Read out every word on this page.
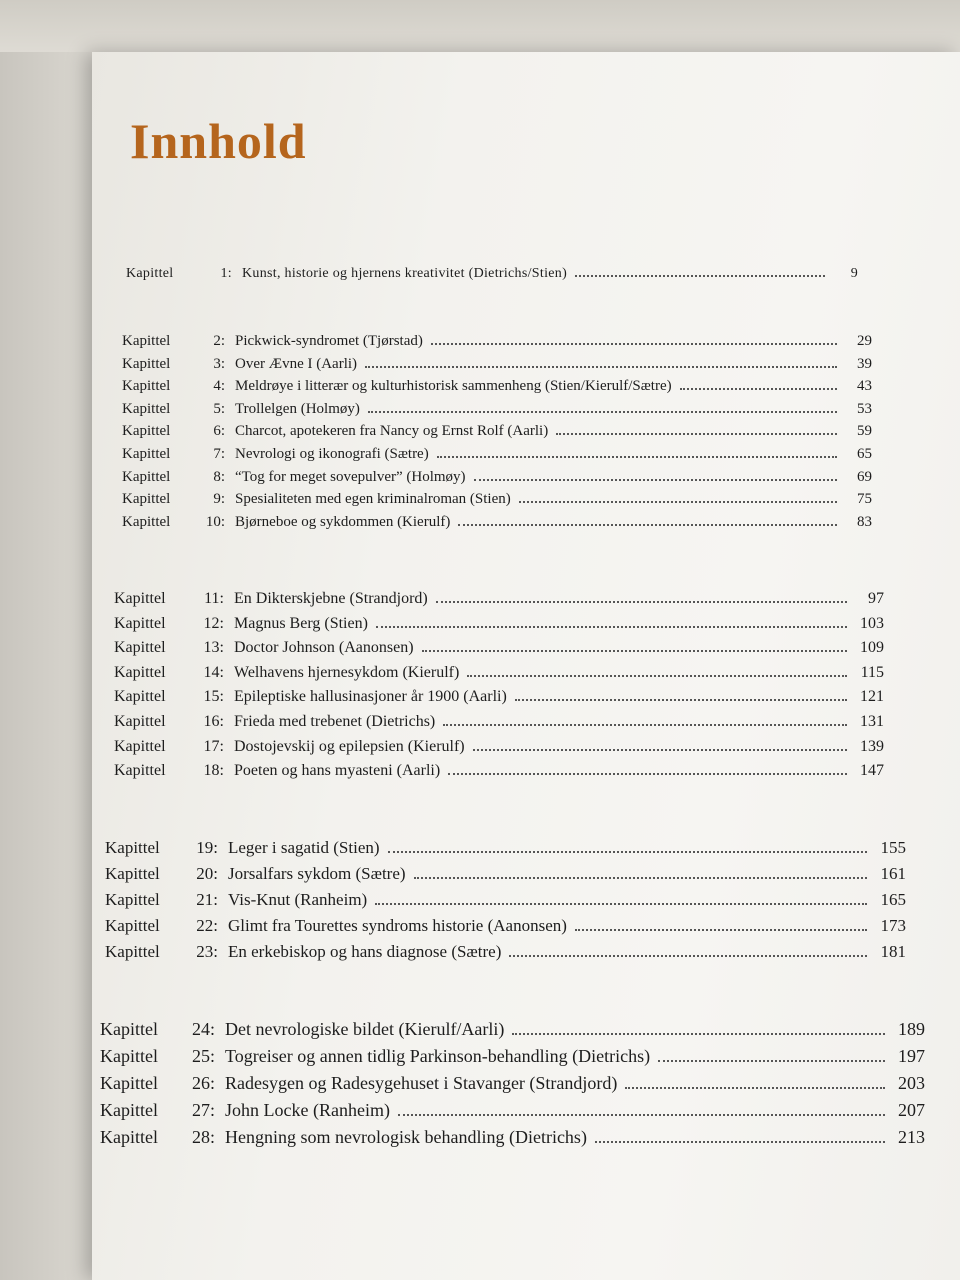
Innhold
Kapittel	1: Kunst, historie og hjernens kreativitet (Dietrichs/Stien)	9
Kapittel	2: Pickwick-syndromet (Tjørstad)	29
Kapittel	3: Over Ævne I (Aarli)	39
Kapittel	4: Meldrøye i litterær og kulturhistorisk sammenheng (Stien/Kierulf/Sætre)	43
Kapittel	5: Trollelgen (Holmøy)	53
Kapittel	6: Charcot, apotekeren fra Nancy og Ernst Rolf (Aarli)	59
Kapittel	7: Nevrologi og ikonografi (Sætre)	65
Kapittel	8: “Tog for meget sovepulver” (Holmøy)	69
Kapittel	9: Spesialiteten med egen kriminalroman (Stien)	75
Kapittel	10: Bjørneboe og sykdommen (Kierulf)	83
Kapittel	11: En Dikterskjebne (Strandjord)	97
Kapittel	12: Magnus Berg (Stien)	103
Kapittel	13: Doctor Johnson (Aanonsen)	109
Kapittel	14: Welhavens hjernesykdom (Kierulf)	115
Kapittel	15: Epileptiske hallusinasjoner år 1900 (Aarli)	121
Kapittel	16: Frieda med trebenet (Dietrichs)	131
Kapittel	17: Dostojevskij og epilepsien (Kierulf)	139
Kapittel	18: Poeten og hans myasteni (Aarli)	147
Kapittel	19: Leger i sagatid (Stien)	155
Kapittel	20: Jorsalfars sykdom (Sætre)	161
Kapittel	21: Vis-Knut (Ranheim)	165
Kapittel	22: Glimt fra Tourettes syndroms historie (Aanonsen)	173
Kapittel	23: En erkebiskop og hans diagnose (Sætre)	181
Kapittel	24: Det nevrologiske bildet (Kierulf/Aarli)	189
Kapittel	25: Togreiser og annen tidlig Parkinson-behandling (Dietrichs)	197
Kapittel	26: Radesygen og Radesygehuset i Stavanger (Strandjord)	203
Kapittel	27: John Locke (Ranheim)	207
Kapittel	28: Hengning som nevrologisk behandling (Dietrichs)	213
